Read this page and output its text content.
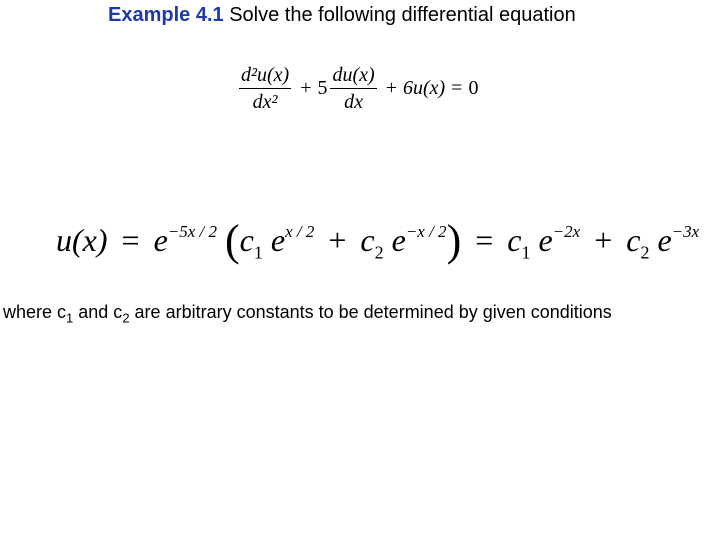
Example 4.1 Solve the following differential equation
$\frac{\text{d²u(x)}}{\text{dx²}} + 5 \frac{du(x)}{dx} + 6u(x) = 0$
$u(x) = e^{-5x / 2}$ ($c_1$ $e^{x / 2} + c_2$ $e^{-x / 2}) = c_1$ $e^{-2x} + c_2$ $e^{-3x}$
where $c_1$ and $c_2$ are arbitrary constants to be determined by given conditions
